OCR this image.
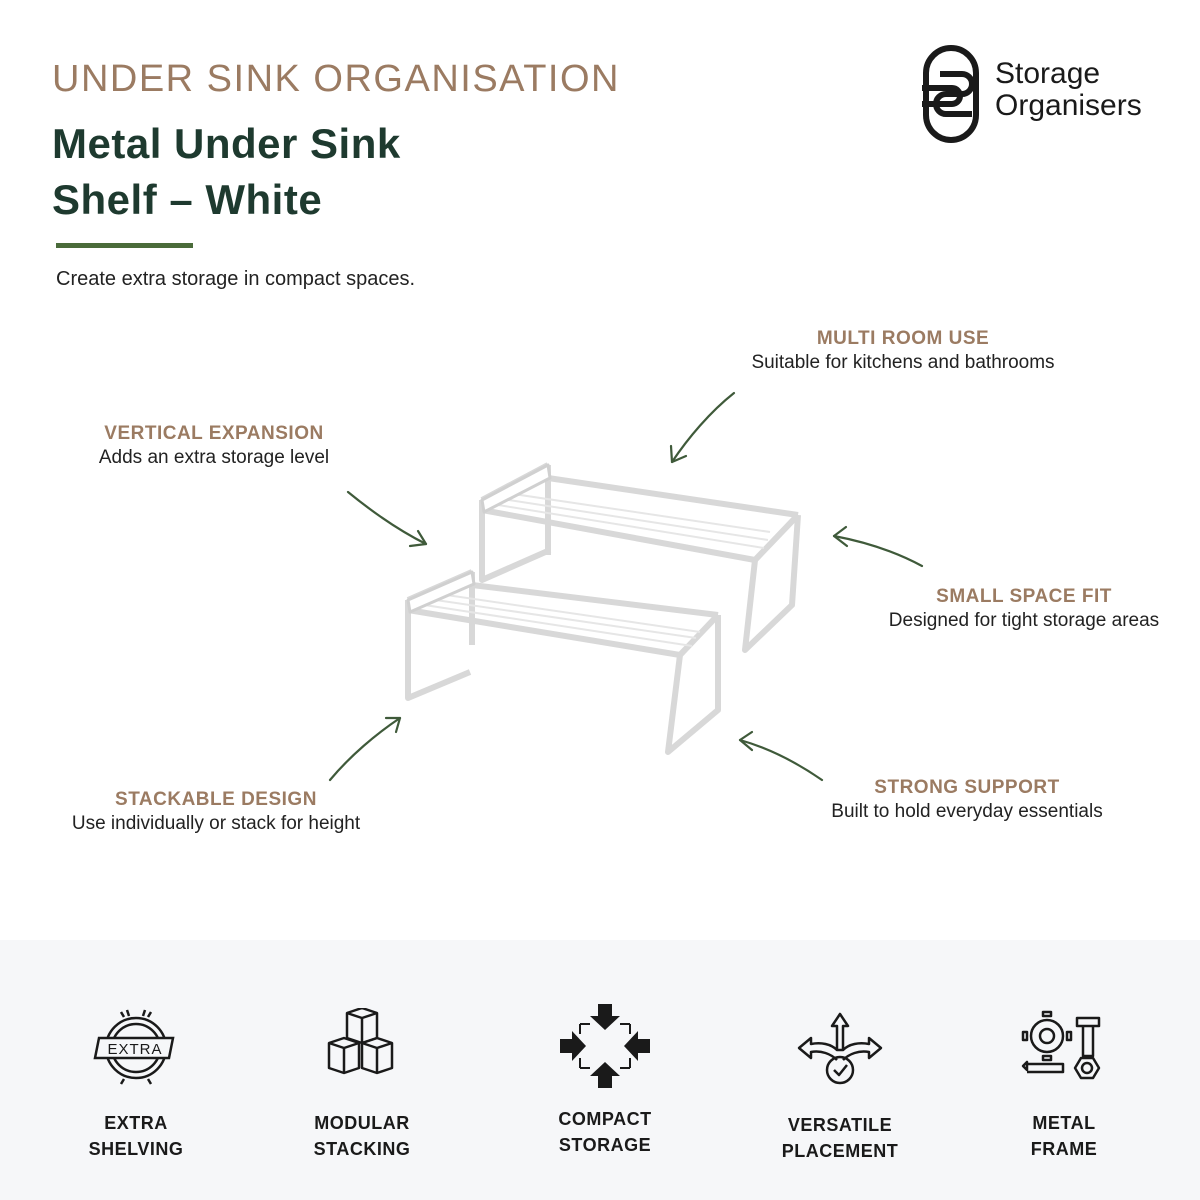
UNDER SINK ORGANISATION
Metal Under Sink
Shelf – White
Create extra storage in compact spaces.
Storage
Organisers
MULTI ROOM USE
Suitable for kitchens and bathrooms
VERTICAL EXPANSION
Adds an extra storage level
SMALL SPACE FIT
Designed for tight storage areas
STRONG SUPPORT
Built to hold everyday essentials
STACKABLE DESIGN
Use individually or stack for height
EXTRA
EXTRA
SHELVING
MODULAR
STACKING
COMPACT
STORAGE
VERSATILE
PLACEMENT
METAL
FRAME
